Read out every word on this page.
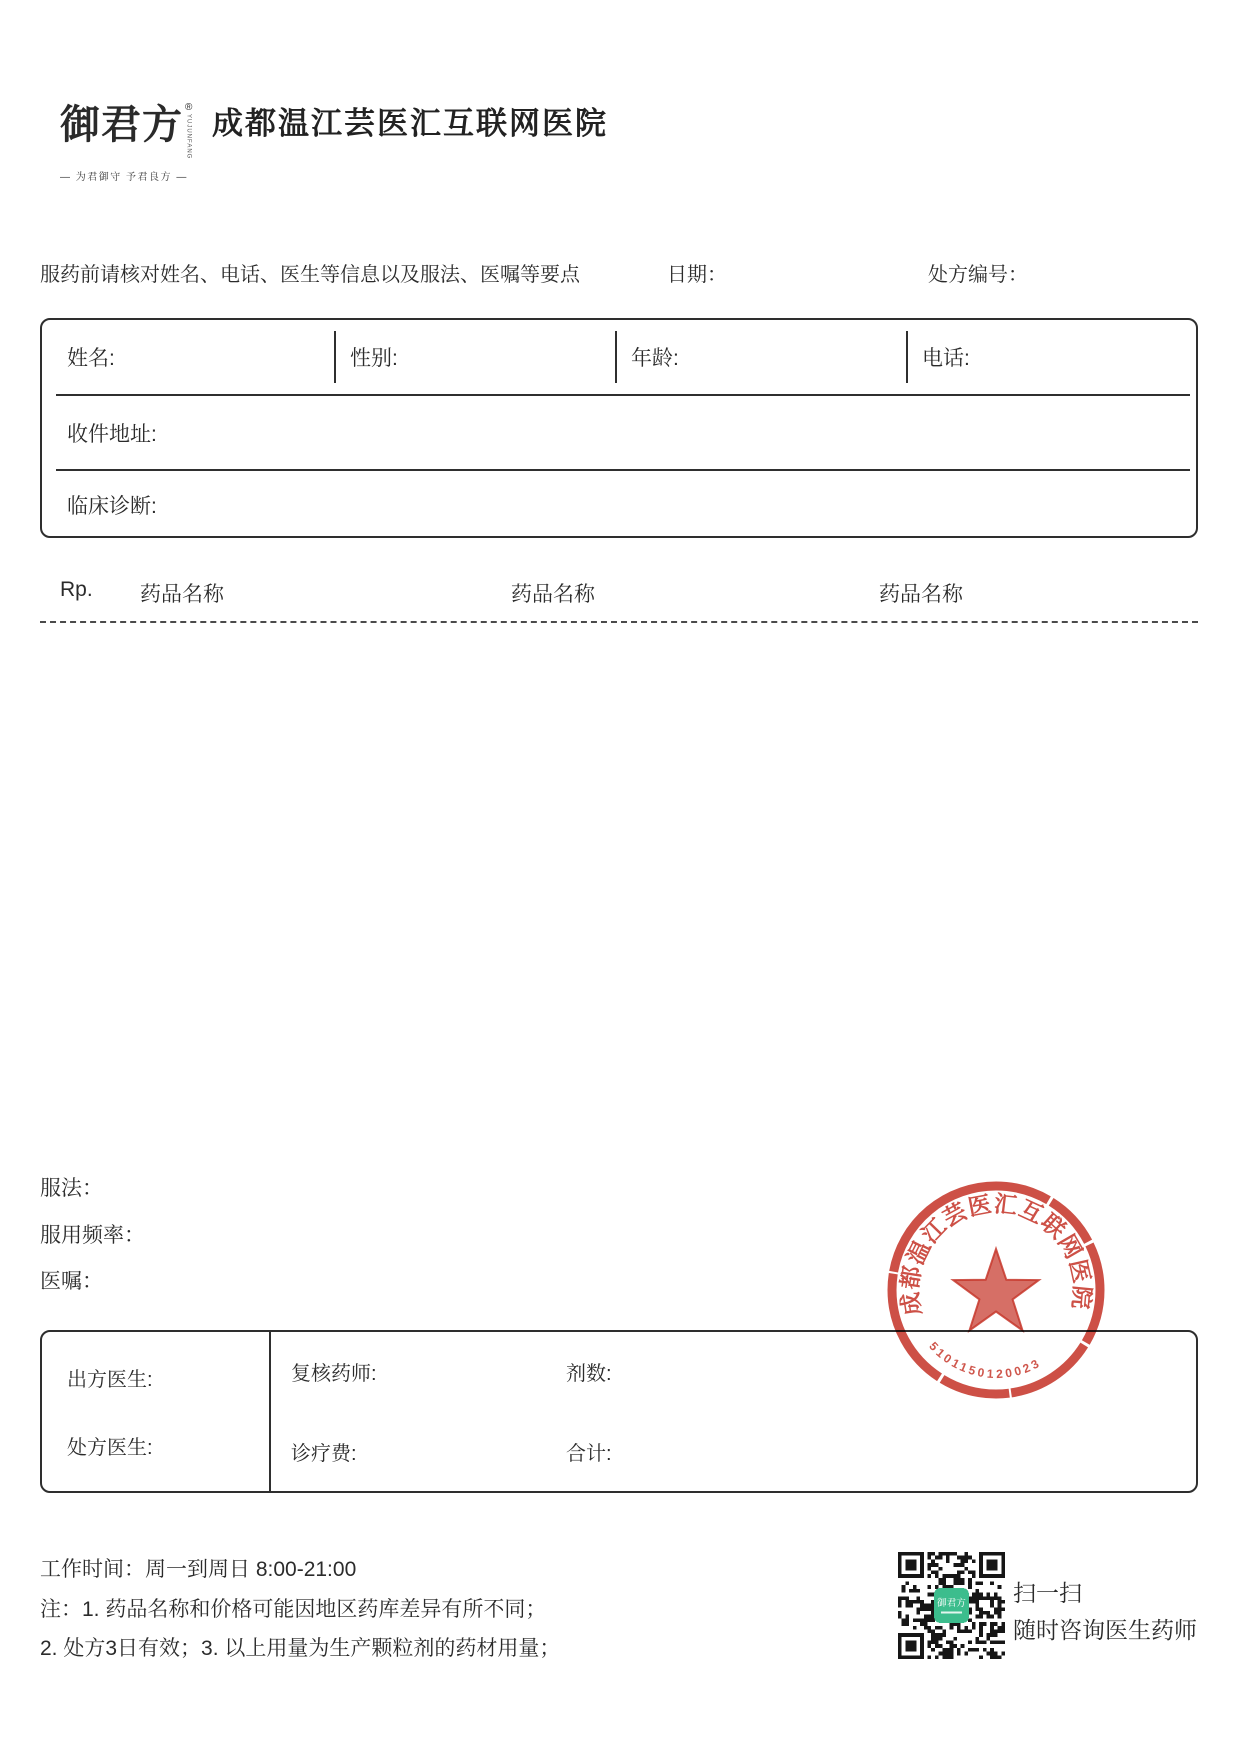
御君方 ®
YUJUNFANG
— 为君御守 予君良方 —
成都温江芸医汇互联网医院
服药前请核对姓名、电话、医生等信息以及服法、医嘱等要点	日期：	处方编号：
姓名:	性别:	年龄:	电话:
收件地址:
临床诊断:
Rp. 药品名称	药品名称	药品名称
服法：
服用频率：
医嘱：
出方医生:
处方医生:
复核药师:	剂数:
诊疗费:	合计:
成都温江芸医汇互联网医院
5101150120023
工作时间：周一到周日 8:00-21:00
注：1. 药品名称和价格可能因地区药库差异有所不同；
2. 处方3日有效；3. 以上用量为生产颗粒剂的药材用量；
御君方 扫一扫
随时咨询医生药师
